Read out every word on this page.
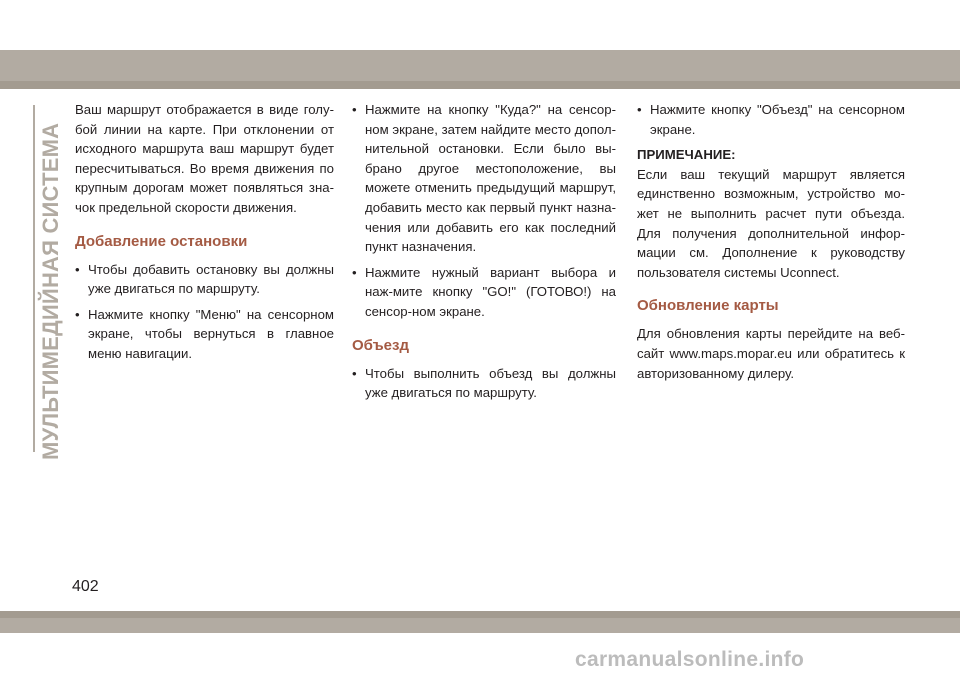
МУЛЬТИМЕДИЙНАЯ СИСТЕМА

Ваш маршрут отображается в виде голу-бой линии на карте. При отклонении от исходного маршрута ваш маршрут будет пересчитываться. Во время движения по крупным дорогам может появляться зна-чок предельной скорости движения.

Добавление остановки
• Чтобы добавить остановку вы должны уже двигаться по маршруту.
• Нажмите кнопку "Меню" на сенсорном экране, чтобы вернуться в главное меню навигации.
• Нажмите на кнопку "Куда?" на сенсор-ном экране, затем найдите место допол-нительной остановки. Если было вы-брано другое местоположение, вы можете отменить предыдущий маршрут, добавить место как первый пункт назна-чения или добавить его как последний пункт назначения.
• Нажмите нужный вариант выбора и наж-мите кнопку "GO!" (ГОТОВО!) на сенсор-ном экране.
Объезд
• Чтобы выполнить объезд вы должны уже двигаться по маршруту.
• Нажмите кнопку "Объезд" на сенсорном экране.

ПРИМЕЧАНИЕ:

Если ваш текущий маршрут является единственно возможным, устройство мо-жет не выполнить расчет пути объезда. Для получения дополнительной инфор-мации см. Дополнение к руководству пользователя системы Uconnect.

Обновление карты

Для обновления карты перейдите на веб-сайт www.maps.mopar.eu или обратитесь к авторизованному дилеру.

402
carmanualsonline.info
